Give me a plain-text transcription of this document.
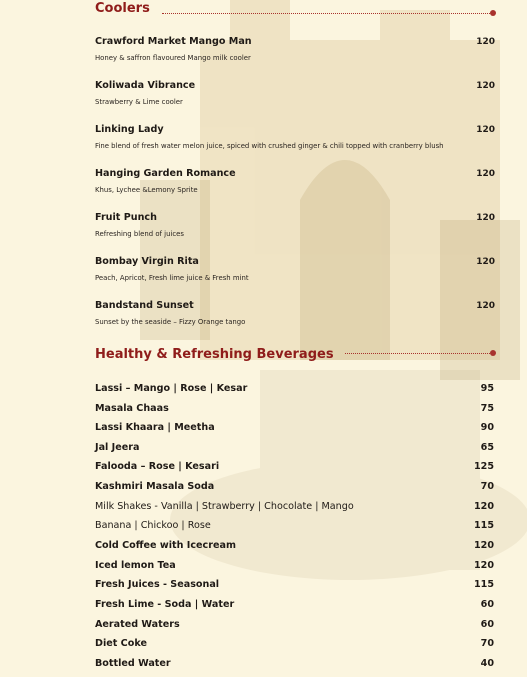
Coolers
Crawford Market Mango Man	120
Honey & saffron flavoured Mango milk cooler
Koliwada Vibrance	120
Strawberry & Lime cooler
Linking Lady	120
Fine blend of fresh water melon juice, spiced with crushed ginger & chili topped with cranberry blush
Hanging Garden Romance	120
Khus, Lychee &Lemony Sprite
Fruit Punch	120
Refreshing blend of juices
Bombay Virgin Rita	120
Peach, Apricot, Fresh lime juice & Fresh mint
Bandstand Sunset	120
Sunset by the seaside – Fizzy Orange tango
Healthy & Refreshing Beverages
Lassi – Mango | Rose | Kesar	95
Masala Chaas	75
Lassi Khaara | Meetha	90
Jal Jeera	65
Falooda – Rose | Kesari	125
Kashmiri Masala Soda	70
Milk Shakes - Vanilla | Strawberry | Chocolate | Mango	120
Banana | Chickoo | Rose	115
Cold Coffee with Icecream	120
Iced lemon Tea	120
Fresh Juices - Seasonal	115
Fresh Lime - Soda | Water	60
Aerated Waters	60
Diet Coke	70
Bottled Water	40
